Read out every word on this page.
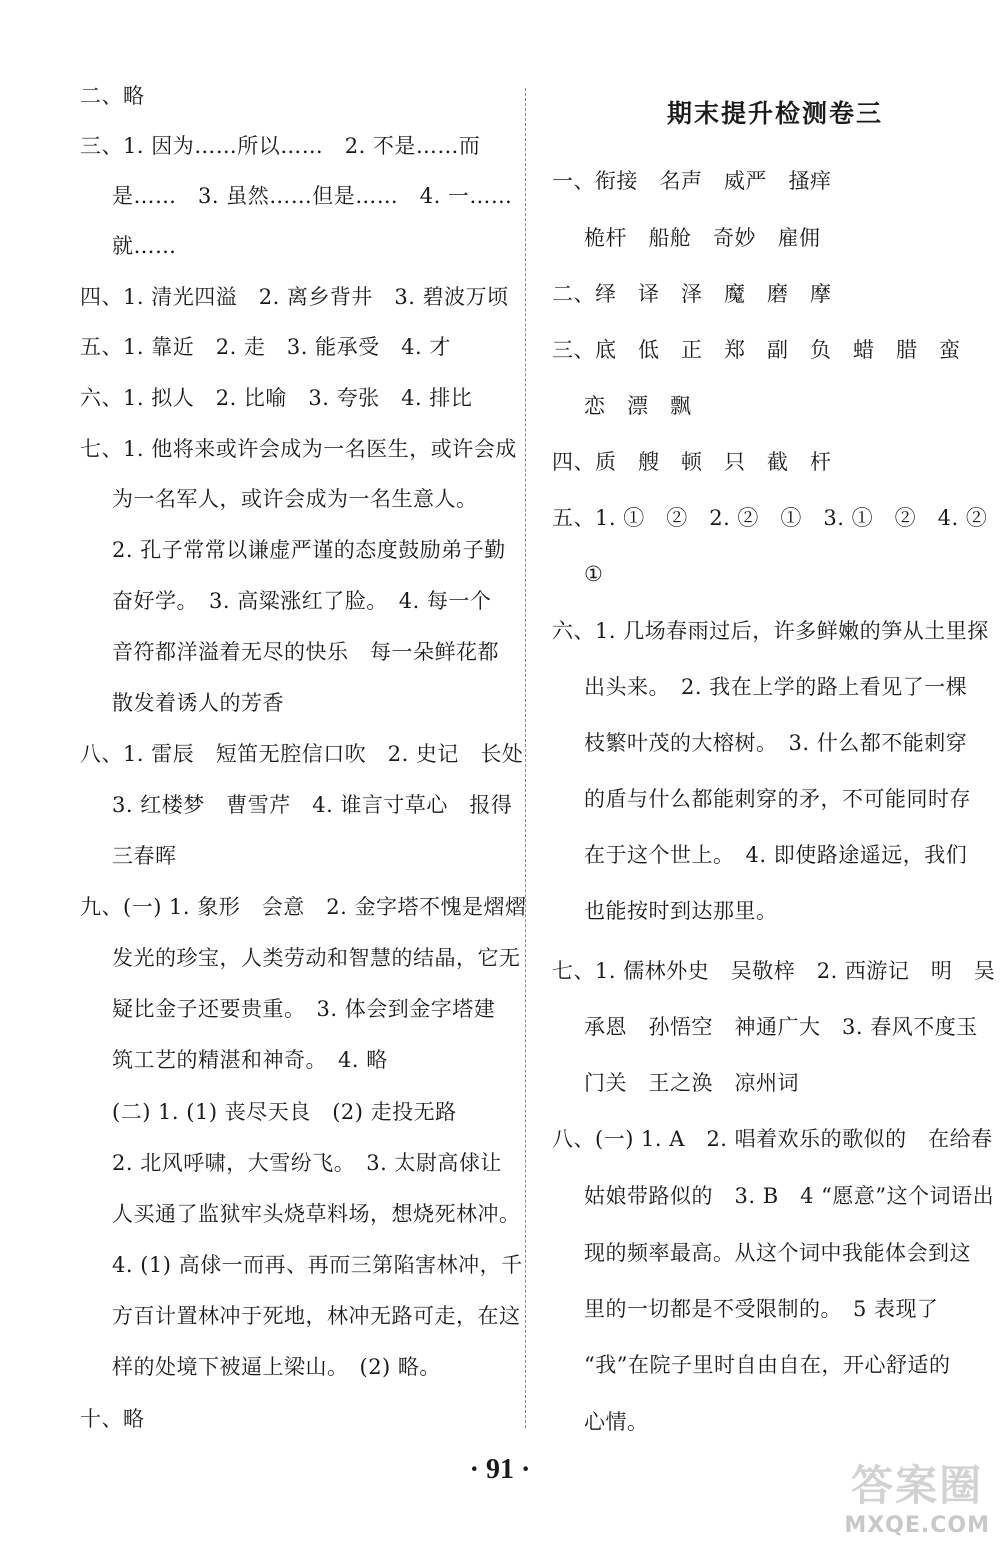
二、略
三、1. 因为……所以……　2. 不是……而
是……　3. 虽然……但是……　4. 一……
就……
四、1. 清光四溢　2. 离乡背井　3. 碧波万顷
五、1. 靠近　2. 走　3. 能承受　4. 才
六、1. 拟人　2. 比喻　3. 夸张　4. 排比
七、1. 他将来或许会成为一名医生，或许会成
为一名军人，或许会成为一名生意人。
2. 孔子常常以谦虚严谨的态度鼓励弟子勤
奋好学。　3. 高粱涨红了脸。　4. 每一个
音符都洋溢着无尽的快乐　每一朵鲜花都
散发着诱人的芳香
八、1. 雷辰　短笛无腔信口吹　2. 史记　长处
3. 红楼梦　曹雪芹　4. 谁言寸草心　报得
三春晖
九、(一) 1. 象形　会意　2. 金字塔不愧是熠熠
发光的珍宝，人类劳动和智慧的结晶，它无
疑比金子还要贵重。　3. 体会到金字塔建
筑工艺的精湛和神奇。　4. 略
(二) 1. (1) 丧尽天良　(2) 走投无路
2. 北风呼啸，大雪纷飞。　3. 太尉高俅让
人买通了监狱牢头烧草料场，想烧死林冲。
4. (1) 高俅一而再、再而三第陷害林冲，千
方百计置林冲于死地，林冲无路可走，在这
样的处境下被逼上梁山。　(2) 略。
十、略
期末提升检测卷三
一、衔接　名声　威严　搔痒
桅杆　船舱　奇妙　雇佣
二、绎　译　泽　魔　磨　摩
三、底　低　正　郑　副　负　蜡　腊　蛮
恋　漂　飘
四、质　艘　顿　只　截　杆
五、1. ①　②　2. ②　①　3. ①　②　4. ②
①
六、1. 几场春雨过后，许多鲜嫩的笋从土里探
出头来。　2. 我在上学的路上看见了一棵
枝繁叶茂的大榕树。　3. 什么都不能刺穿
的盾与什么都能刺穿的矛，不可能同时存
在于这个世上。　4. 即使路途遥远，我们
也能按时到达那里。
七、1. 儒林外史　吴敬梓　2. 西游记　明　吴
承恩　孙悟空　神通广大　3. 春风不度玉
门关　王之涣　凉州词
八、(一) 1. A　2. 唱着欢乐的歌似的　在给春
姑娘带路似的　3. B　4 “愿意”这个词语出
现的频率最高。从这个词中我能体会到这
里的一切都是不受限制的。　5 表现了
“我”在院子里时自由自在，开心舒适的
心情。
· 91 ·	答案圈
MXQE.COM
